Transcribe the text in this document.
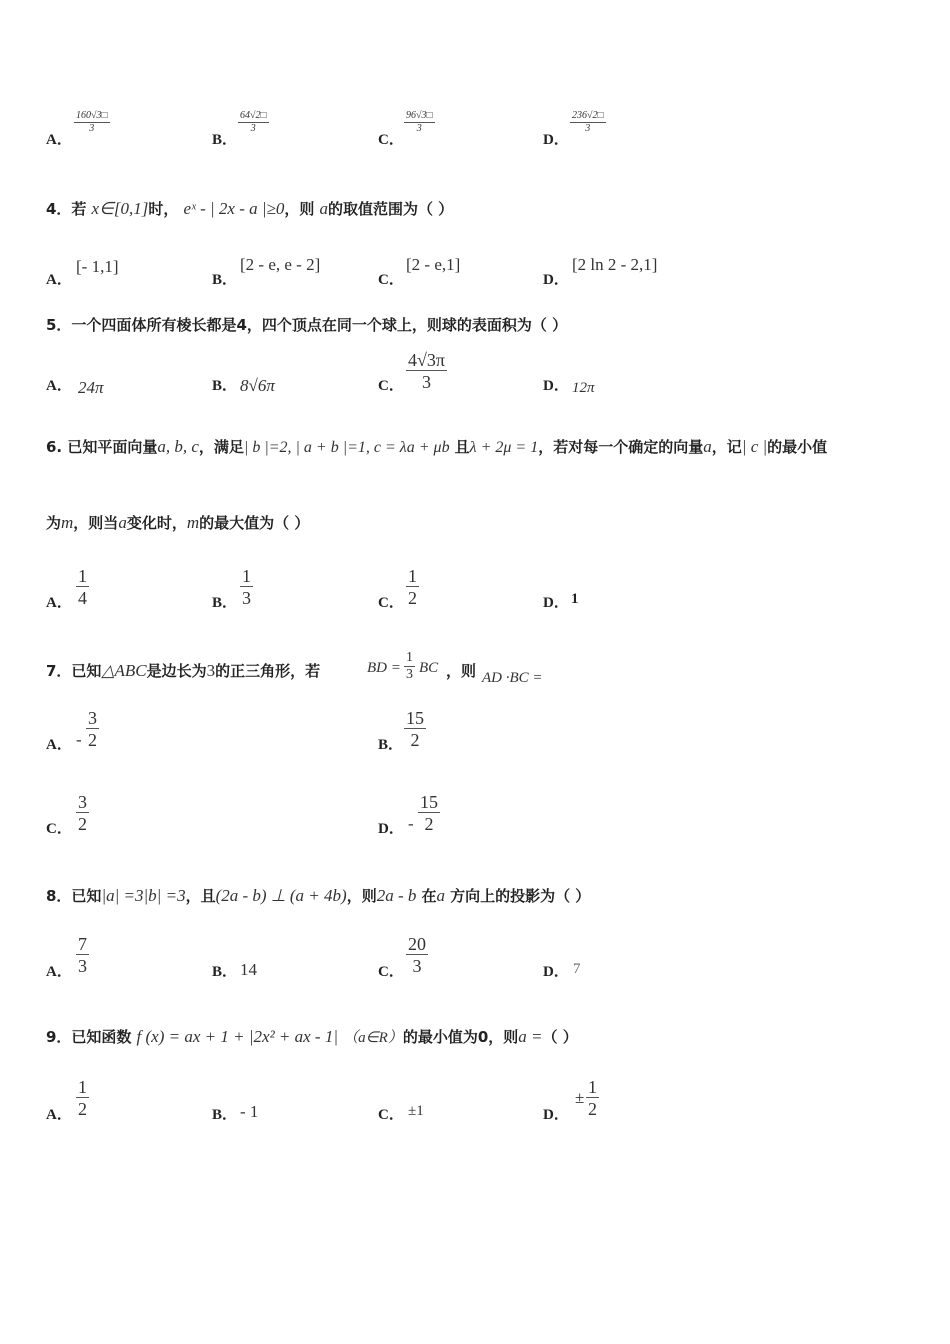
A．
$\frac{160√3□}{3}$
B．
$\frac{64√2□}{3}$
C．
$\frac{96√3□}{3}$
D．
$\frac{236√2□}{3}$
4．若 x∈[0,1]时， eˣ - | 2x - a |≥0，则 a的取值范围为（ ）
A．
[- 1,1]
B．
[2 - e, e - 2]
C．
[2 - e,1]
D．
[2 ln 2 - 2,1]
5．一个四面体所有棱长都是4，四个顶点在同一个球上，则球的表面积为（ ）
A． 24π	B． 8√6π	C． $\frac{4√3\pi}{3}$	D． 12π
6. 已知平面向量a, b, c，满足| b |=2, | a + b |=1, c = λa + μb 且λ + 2μ = 1，若对每一个确定的向量a，记| c |的最小值
为m，则当a变化时，m的最大值为（ ）
A． $\frac{1}{4}$	B． $\frac{1}{3}$	C． $\frac{1}{2}$	D． 1
7．已知△ABC是边长为3的正三角形，若	BD = $\frac{1}{3}$ BC ，则 AD ·BC =
A． - $\frac{3}{2}$	B． $\frac{15}{2}$
C． $\frac{3}{2}$	D． - $\frac{15}{2}$
8．已知|a| =3|b| =3，且(2a - b) ⊥ (a + 4b)，则2a - b 在a 方向上的投影为（ ）
A． $\frac{7}{3}$	B． 14	C． $\frac{20}{3}$	D． 7
9．已知函数 f (x) = ax + 1 + |2x² + ax - 1| （a∈R）的最小值为0，则a =（ ）
A． $\frac{1}{2}$	B． - 1	C． ±1	D．
± $\frac{1}{2}$
